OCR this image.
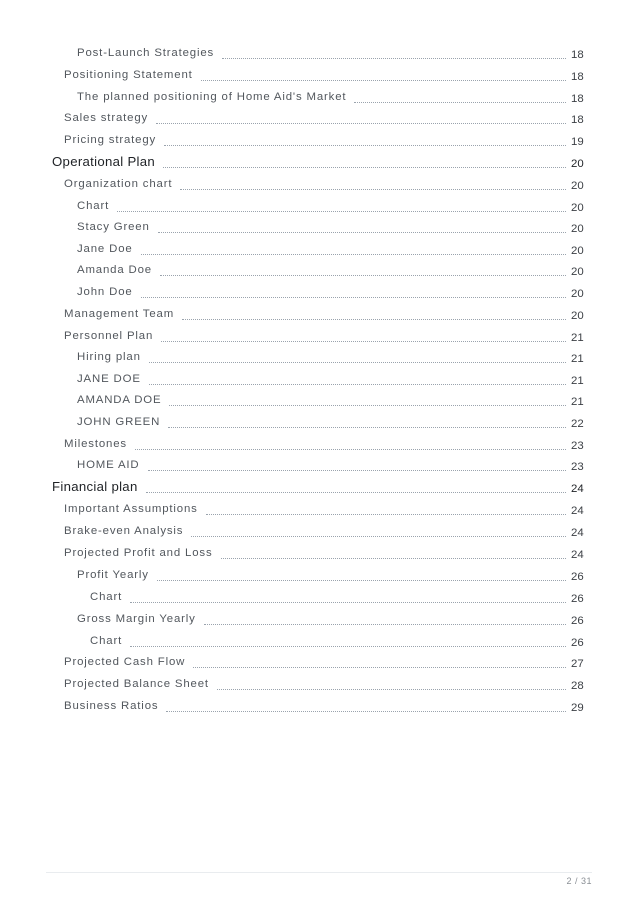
Post-Launch Strategies	18
Positioning Statement	18
The planned positioning of Home Aid's Market	18
Sales strategy	18
Pricing strategy	19
Operational Plan	20
Organization chart	20
Chart	20
Stacy Green	20
Jane Doe	20
Amanda Doe	20
John Doe	20
Management Team	20
Personnel Plan	21
Hiring plan	21
JANE DOE	21
AMANDA DOE	21
JOHN GREEN	22
Milestones	23
HOME AID	23
Financial plan	24
Important Assumptions	24
Brake-even Analysis	24
Projected Profit and Loss	24
Profit Yearly	26
Chart	26
Gross Margin Yearly	26
Chart	26
Projected Cash Flow	27
Projected Balance Sheet	28
Business Ratios	29
2 / 31
